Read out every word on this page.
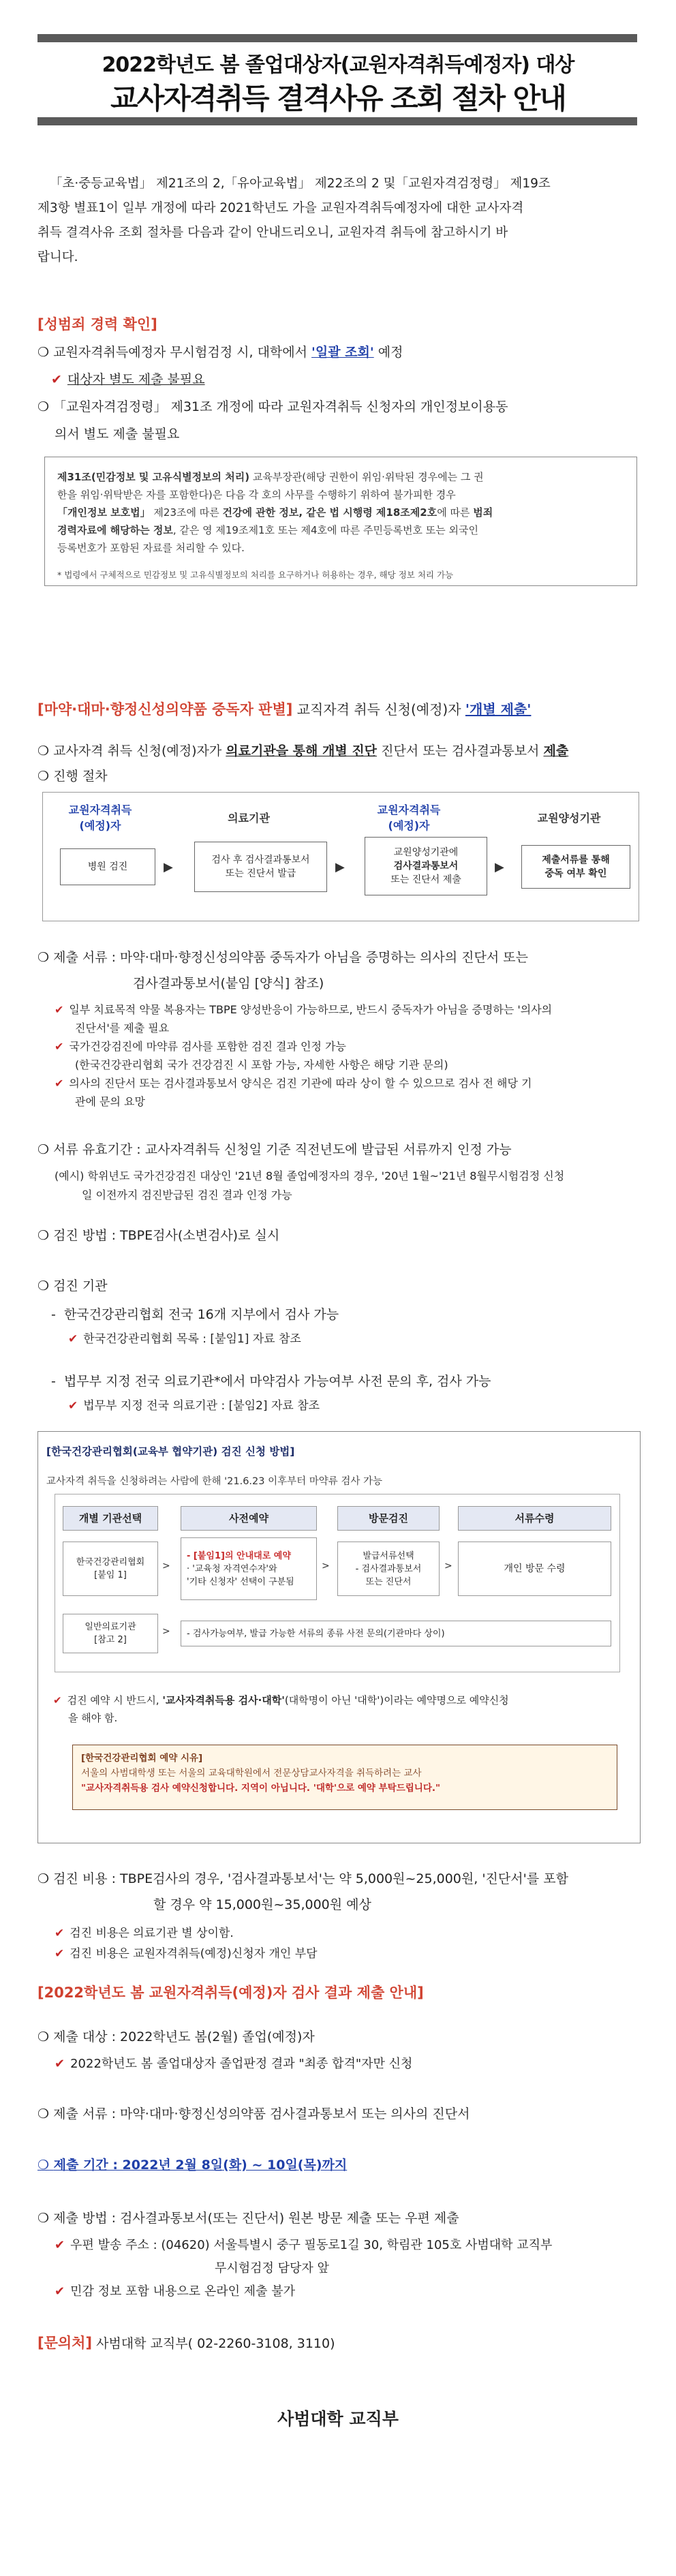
2022학년도 봄 졸업대상자(교원자격취득예정자) 대상
교사자격취득 결격사유 조회 절차 안내
「초·중등교육법」 제21조의 2,「유아교육법」 제22조의 2 및「교원자격검정령」 제19조
제3항 별표1이 일부 개정에 따라 2021학년도 가을 교원자격취득예정자에 대한 교사자격
취득 결격사유 조회 절차를 다음과 같이 안내드리오니, 교원자격 취득에 참고하시기 바
랍니다.
[성범죄 경력 확인]
❍ 교원자격취득예정자 무시험검정 시, 대학에서 '일괄 조회' 예정
✔ 대상자 별도 제출 불필요
❍ 「교원자격검정령」 제31조 개정에 따라 교원자격취득 신청자의 개인정보이용동
의서 별도 제출 불필요
제31조(민감정보 및 고유식별정보의 처리) 교육부장관(해당 권한이 위임·위탁된 경우에는 그 권
한을 위임·위탁받은 자를 포함한다)은 다음 각 호의 사무를 수행하기 위하여 불가피한 경우
「개인정보 보호법」 제23조에 따른 건강에 관한 정보, 같은 법 시행령 제18조제2호에 따른 범죄
경력자료에 해당하는 정보, 같은 영 제19조제1호 또는 제4호에 따른 주민등록번호 또는 외국인
등록번호가 포함된 자료를 처리할 수 있다.
* 법령에서 구체적으로 민감정보 및 고유식별정보의 처리를 요구하거나 허용하는 경우, 해당 정보 처리 가능
[마약·대마·향정신성의약품 중독자 판별] 교직자격 취득 신청(예정)자 '개별 제출'
❍ 교사자격 취득 신청(예정)자가 의료기관을 통해 개별 진단 진단서 또는 검사결과통보서 제출
❍ 진행 절차
교원자격취득
(예정)자
의료기관
교원자격취득
(예정)자
교원양성기관
병원 검진	▶	검사 후 검사결과통보서
또는 진단서 발급	▶
교원양성기관에
검사결과통보서
또는 진단서 제출
▶	제출서류를 통해
중독 여부 확인
❍ 제출 서류 : 마약·대마·향정신성의약품 중독자가 아님을 증명하는 의사의 진단서 또는
검사결과통보서(붙임 [양식] 참조)
✔ 일부 치료목적 약물 복용자는 TBPE 양성반응이 가능하므로, 반드시 중독자가 아님을 증명하는 '의사의
진단서'를 제출 필요
✔ 국가건강검진에 마약류 검사를 포함한 검진 결과 인정 가능
(한국건강관리협회 국가 건강검진 시 포함 가능, 자세한 사항은 해당 기관 문의)
✔ 의사의 진단서 또는 검사결과통보서 양식은 검진 기관에 따라 상이 할 수 있으므로 검사 전 해당 기
관에 문의 요망
❍ 서류 유효기간 : 교사자격취득 신청일 기준 직전년도에 발급된 서류까지 인정 가능
(예시) 학위년도 국가건강검진 대상인 '21년 8월 졸업예정자의 경우, '20년 1월~'21년 8월무시험검정 신청
일 이전까지 검진받급된 검진 결과 인정 가능
❍ 검진 방법 : TBPE검사(소변검사)로 실시
❍ 검진 기관
- 한국건강관리협회 전국 16개 지부에서 검사 가능
✔ 한국건강관리협회 목록 : [붙임1] 자료 참조
- 법무부 지정 전국 의료기관*에서 마약검사 가능여부 사전 문의 후, 검사 가능
✔ 법무부 지정 전국 의료기관 : [붙임2] 자료 참조
[한국건강관리협회(교육부 협약기관) 검진 신청 방법]
교사자격 취득을 신청하려는 사람에 한해 '21.6.23 이후부터 마약류 검사 가능
개별 기관선택	사전예약	방문검진	서류수령
한국건강관리협회
[붙임 1]
>
- [붙임1]의 안내대로 예약
· '교육청 자격연수자'와
'기타 신청자' 선택이 구분됨
>
발급서류선택
- 검사결과통보서
또는 진단서
>	개인 방문 수령
일반의료기관
[참고 2]
>	- 검사가능여부, 발급 가능한 서류의 종류 사전 문의(기관마다 상이)
✔ 검진 예약 시 반드시, '교사자격취득용 검사·대학'(대학명이 아닌 '대학')이라는 예약명으로 예약신청
을 해야 함.
[한국건강관리협회 예약 시유]
서울의 사범대학생 또는 서울의 교육대학원에서 전문상담교사자격을 취득하려는 교사
"교사자격취득용 검사 예약신청합니다. 지역이 아닙니다. '대학'으로 예약 부탁드립니다."
❍ 검진 비용 : TBPE검사의 경우, '검사결과통보서'는 약 5,000원~25,000원, '진단서'를 포함
할 경우 약 15,000원~35,000원 예상
✔ 검진 비용은 의료기관 별 상이함.
✔ 검진 비용은 교원자격취득(예정)신청자 개인 부담
[2022학년도 봄 교원자격취득(예정)자 검사 결과 제출 안내]
❍ 제출 대상 : 2022학년도 봄(2월) 졸업(예정)자
✔ 2022학년도 봄 졸업대상자 졸업판정 결과 "최종 합격"자만 신청
❍ 제출 서류 : 마약·대마·향정신성의약품 검사결과통보서 또는 의사의 진단서
❍ 제출 기간 : 2022년 2월 8일(화) ~ 10일(목)까지
❍ 제출 방법 : 검사결과통보서(또는 진단서) 원본 방문 제출 또는 우편 제출
✔ 우편 발송 주소 : (04620) 서울특별시 중구 필동로1길 30, 학림관 105호 사범대학 교직부
무시험검정 담당자 앞
✔ 민감 정보 포함 내용으로 온라인 제출 불가
[문의처] 사범대학 교직부( 02-2260-3108, 3110)
사범대학 교직부
